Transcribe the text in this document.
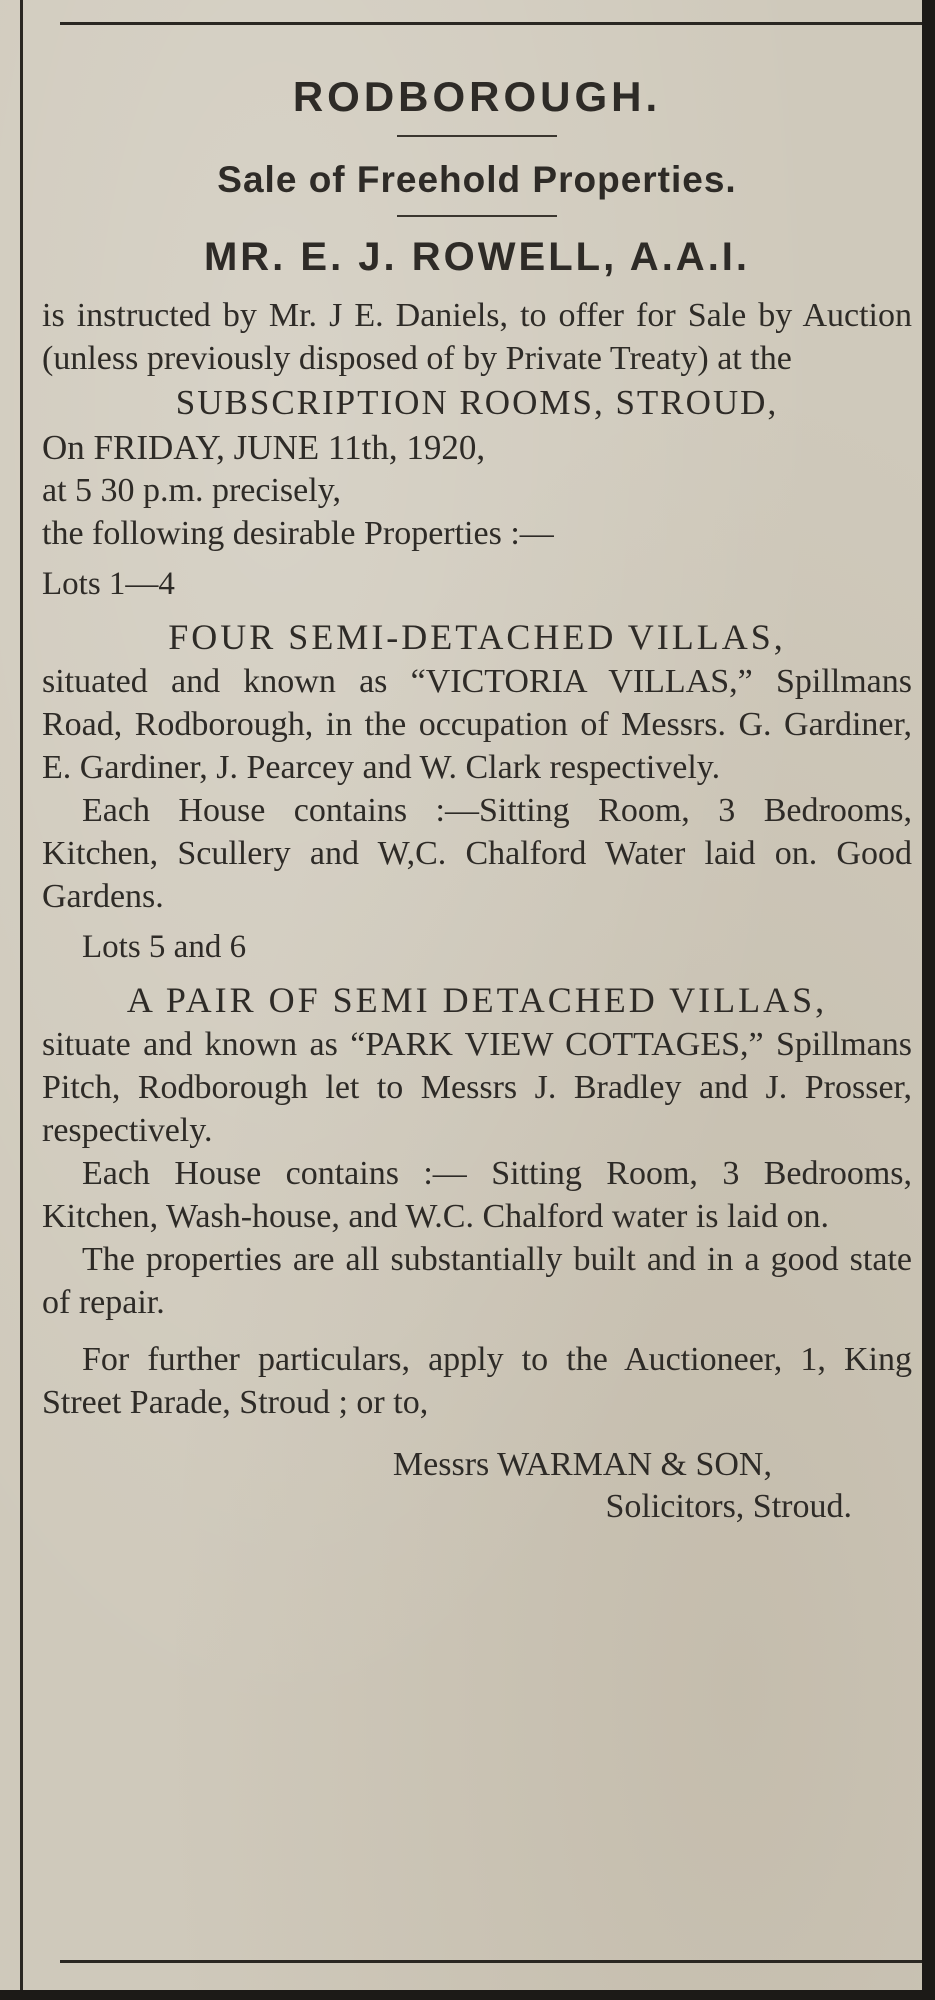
RODBOROUGH.
Sale of Freehold Properties.
MR. E. J. ROWELL, A.A.I.

is instructed by Mr. J E. Daniels, to offer for Sale by Auction (unless previously disposed of by Private Treaty) at the

SUBSCRIPTION ROOMS, STROUD,

On FRIDAY, JUNE 11th, 1920,

at 5 30 p.m. precisely,

the following desirable Properties :—

Lots 1—4

FOUR SEMI-DETACHED VILLAS,

situated and known as “VICTORIA VILLAS,” Spillmans Road, Rodborough, in the occupation of Messrs. G. Gardiner, E. Gardiner, J. Pearcey and W. Clark respectively.

Each House contains :—Sitting Room, 3 Bedrooms, Kitchen, Scullery and W,C. Chalford Water laid on. Good Gardens.

Lots 5 and 6

A PAIR OF SEMI DETACHED VILLAS,

situate and known as “PARK VIEW COTTAGES,” Spillmans Pitch, Rodborough let to Messrs J. Bradley and J. Prosser, respectively.

Each House contains :— Sitting Room, 3 Bedrooms, Kitchen, Wash-house, and W.C. Chalford water is laid on.

The properties are all substantially built and in a good state of repair.

For further particulars, apply to the Auctioneer, 1, King Street Parade, Stroud ; or to,

Messrs WARMAN & SON,

Solicitors, Stroud.
